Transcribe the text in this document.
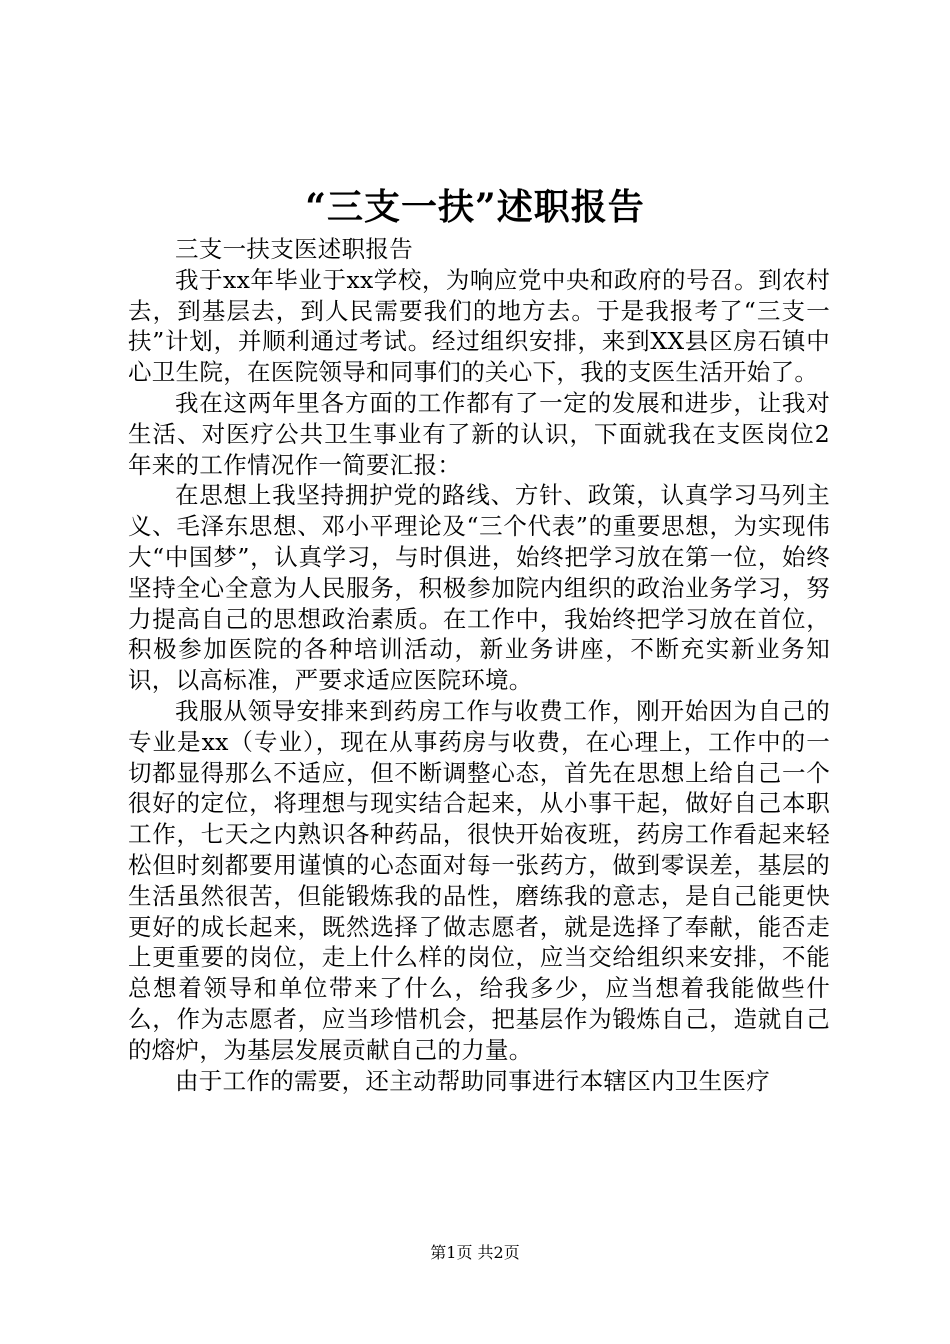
“三支一扶”述职报告

三支一扶支医述职报告

我于xx年毕业于xx学校，为响应党中央和政府的号召。到农村去，到基层去，到人民需要我们的地方去。于是我报考了“三支一扶”计划，并顺利通过考试。经过组织安排，来到XX县区房石镇中心卫生院，在医院领导和同事们的关心下，我的支医生活开始了。

我在这两年里各方面的工作都有了一定的发展和进步，让我对生活、对医疗公共卫生事业有了新的认识，下面就我在支医岗位2年来的工作情况作一简要汇报：

在思想上我坚持拥护党的路线、方针、政策，认真学习马列主义、毛泽东思想、邓小平理论及“三个代表”的重要思想，为实现伟大“中国梦”，认真学习，与时俱进，始终把学习放在第一位，始终坚持全心全意为人民服务，积极参加院内组织的政治业务学习，努力提高自己的思想政治素质。在工作中，我始终把学习放在首位，积极参加医院的各种培训活动，新业务讲座，不断充实新业务知识，以高标准，严要求适应医院环境。

我服从领导安排来到药房工作与收费工作，刚开始因为自己的专业是xx（专业），现在从事药房与收费，在心理上，工作中的一切都显得那么不适应，但不断调整心态，首先在思想上给自己一个很好的定位，将理想与现实结合起来，从小事干起，做好自己本职工作，七天之内熟识各种药品，很快开始夜班，药房工作看起来轻松但时刻都要用谨慎的心态面对每一张药方，做到零误差，基层的生活虽然很苦，但能锻炼我的品性，磨练我的意志，是自己能更快更好的成长起来，既然选择了做志愿者，就是选择了奉献，能否走上更重要的岗位，走上什么样的岗位，应当交给组织来安排，不能总想着领导和单位带来了什么，给我多少，应当想着我能做些什么，作为志愿者，应当珍惜机会，把基层作为锻炼自己，造就自己的熔炉，为基层发展贡献自己的力量。

由于工作的需要，还主动帮助同事进行本辖区内卫生医疗

第1页 共2页
